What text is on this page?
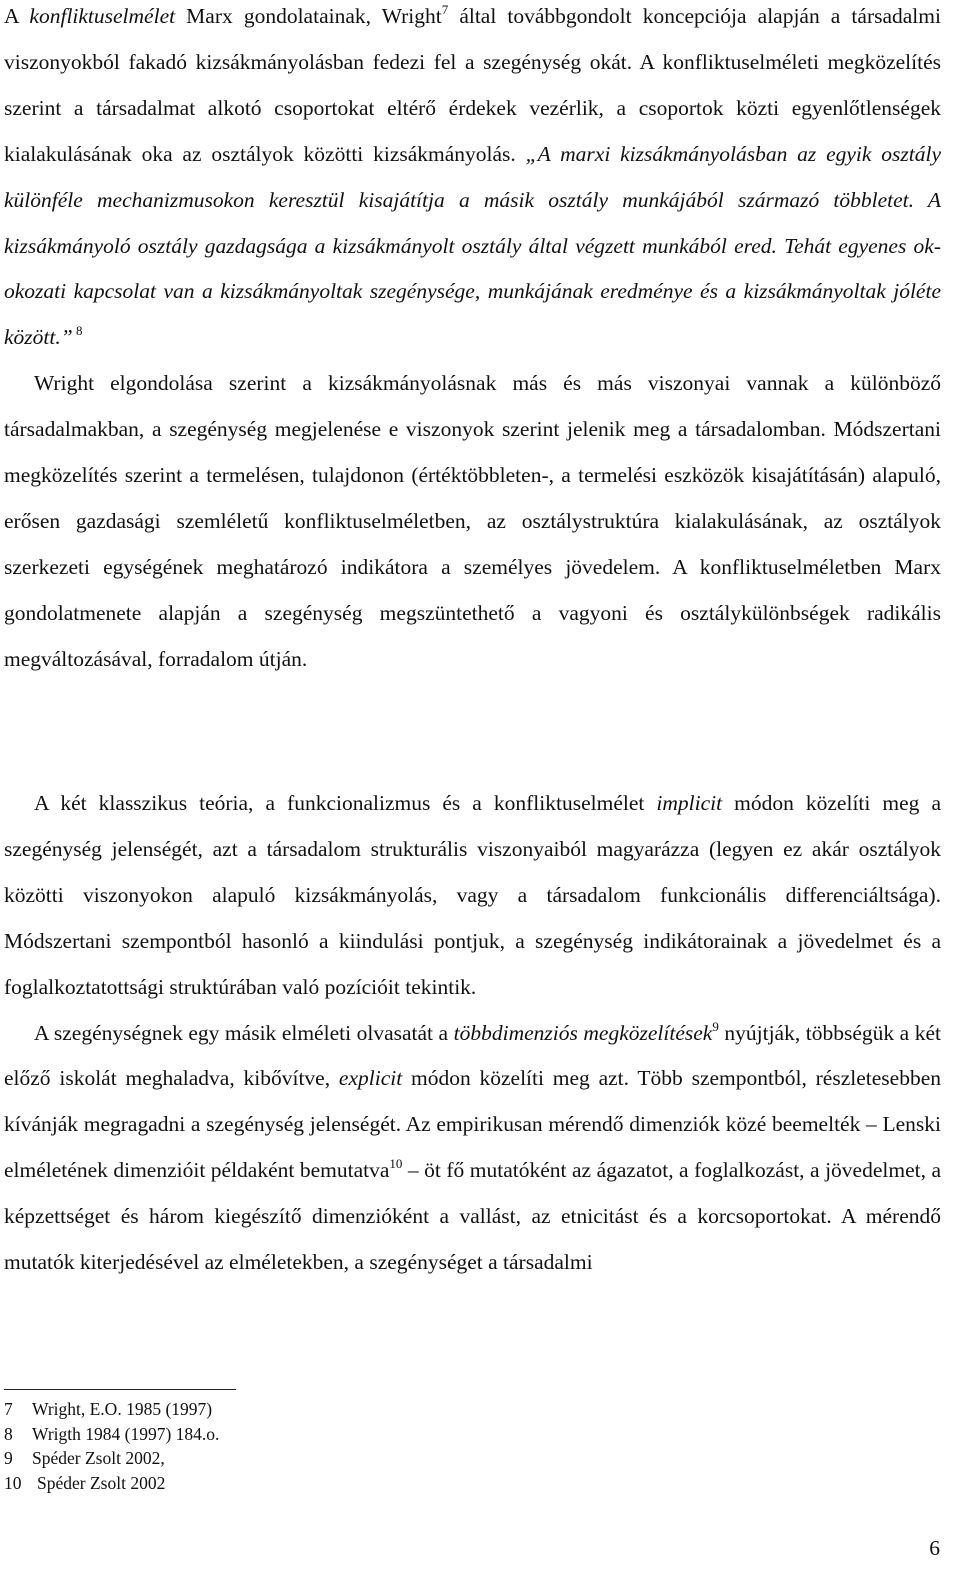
A konfliktuselmélet Marx gondolatainak, Wright$^7$ által továbbgondolt koncepciója alapján a társadalmi viszonyokból fakadó kizsákmányolásban fedezi fel a szegénység okát. A konfliktuselméleti megközelítés szerint a társadalmat alkotó csoportokat eltérő érdekek vezérlik, a csoportok közti egyenlőtlenségek kialakulásának oka az osztályok közötti kizsákmányolás. „A marxi kizsákmányolásban az egyik osztály különféle mechanizmusokon keresztül kisajátítja a másik osztály munkájából származó többletet. A kizsákmányoló osztály gazdagsága a kizsákmányolt osztály által végzett munkából ered. Tehát egyenes ok-okozati kapcsolat van a kizsákmányoltak szegénysége, munkájának eredménye és a kizsákmányoltak jóléte között.” $^8$

Wright elgondolása szerint a kizsákmányolásnak más és más viszonyai vannak a különböző társadalmakban, a szegénység megjelenése e viszonyok szerint jelenik meg a társadalomban. Módszertani megközelítés szerint a termelésen, tulajdonon (értéktöbbleten-, a termelési eszközök kisajátításán) alapuló, erősen gazdasági szemléletű konfliktuselméletben, az osztálystruktúra kialakulásának, az osztályok szerkezeti egységének meghatározó indikátora a személyes jövedelem. A konfliktuselméletben Marx gondolatmenete alapján a szegénység megszüntethető a vagyoni és osztálykülönbségek radikális megváltozásával, forradalom útján.

A két klasszikus teória, a funkcionalizmus és a konfliktuselmélet implicit módon közelíti meg a szegénység jelenségét, azt a társadalom strukturális viszonyaiból magyarázza (legyen ez akár osztályok közötti viszonyokon alapuló kizsákmányolás, vagy a társadalom funkcionális differenciáltsága). Módszertani szempontból hasonló a kiindulási pontjuk, a szegénység indikátorainak a jövedelmet és a foglalkoztatottsági struktúrában való pozícióit tekintik.

A szegénységnek egy másik elméleti olvasatát a többdimenziós megközelítések$^9$ nyújtják, többségük a két előző iskolát meghaladva, kibővítve, explicit módon közelíti meg azt. Több szempontból, részletesebben kívánják megragadni a szegénység jelenségét. Az empirikusan mérendő dimenziók közé beemelték – Lenski elméletének dimenzióit példaként bemutatva$^{10}$ – öt fő mutatóként az ágazatot, a foglalkozást, a jövedelmet, a képzettséget és három kiegészítő dimenzióként a vallást, az etnicitást és a korcsoportokat. A mérendő mutatók kiterjedésével az elméletekben, a szegénységet a társadalmi

7 Wright, E.O. 1985 (1997)
8 Wrigth 1984 (1997) 184.o.
9 Spéder Zsolt 2002,
10 Spéder Zsolt 2002
6
